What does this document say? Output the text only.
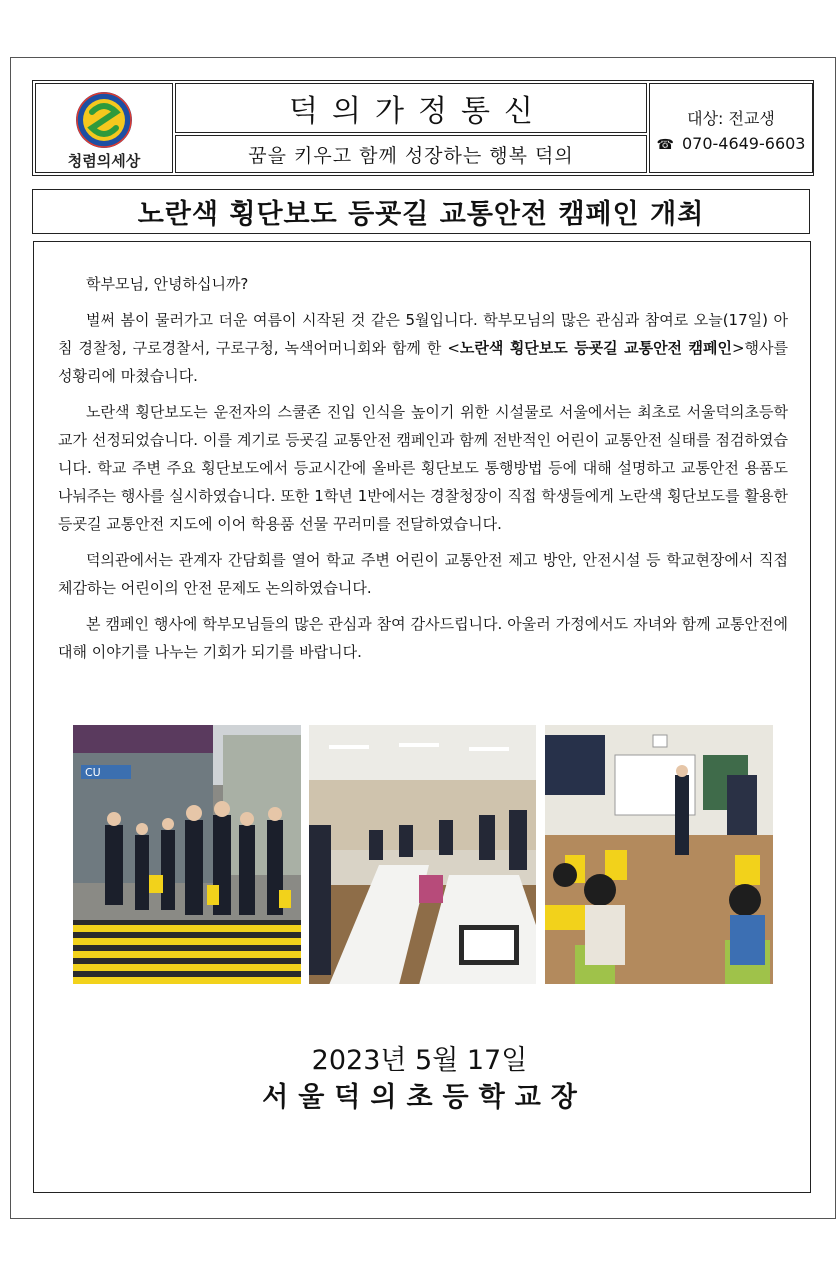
청렴의세상
덕의가정통신
꿈을 키우고 함께 성장하는 행복 덕의
대상: 전교생
☎ 070-4649-6603
노란색 횡단보도 등굣길 교통안전 캠페인 개최

학부모님, 안녕하십니까?

벌써 봄이 물러가고 더운 여름이 시작된 것 같은 5월입니다. 학부모님의 많은 관심과 참여로 오늘(17일) 아침 경찰청, 구로경찰서, 구로구청, 녹색어머니회와 함께 한 <노란색 횡단보도 등굣길 교통안전 캠페인>행사를 성황리에 마쳤습니다.

노란색 횡단보도는 운전자의 스쿨존 진입 인식을 높이기 위한 시설물로 서울에서는 최초로 서울덕의초등학교가 선정되었습니다. 이를 계기로 등굣길 교통안전 캠페인과 함께 전반적인 어린이 교통안전 실태를 점검하였습니다. 학교 주변 주요 횡단보도에서 등교시간에 올바른 횡단보도 통행방법 등에 대해 설명하고 교통안전 용품도 나눠주는 행사를 실시하였습니다. 또한 1학년 1반에서는 경찰청장이 직접 학생들에게 노란색 횡단보도를 활용한 등굣길 교통안전 지도에 이어 학용품 선물 꾸러미를 전달하였습니다.

덕의관에서는 관계자 간담회를 열어 학교 주변 어린이 교통안전 제고 방안, 안전시설 등 학교현장에서 직접 체감하는 어린이의 안전 문제도 논의하였습니다.

본 캠페인 행사에 학부모님들의 많은 관심과 참여 감사드립니다. 아울러 가정에서도 자녀와 함께 교통안전에 대해 이야기를 나누는 기회가 되기를 바랍니다.

CU
2023년 5월 17일
서울덕의초등학교장
